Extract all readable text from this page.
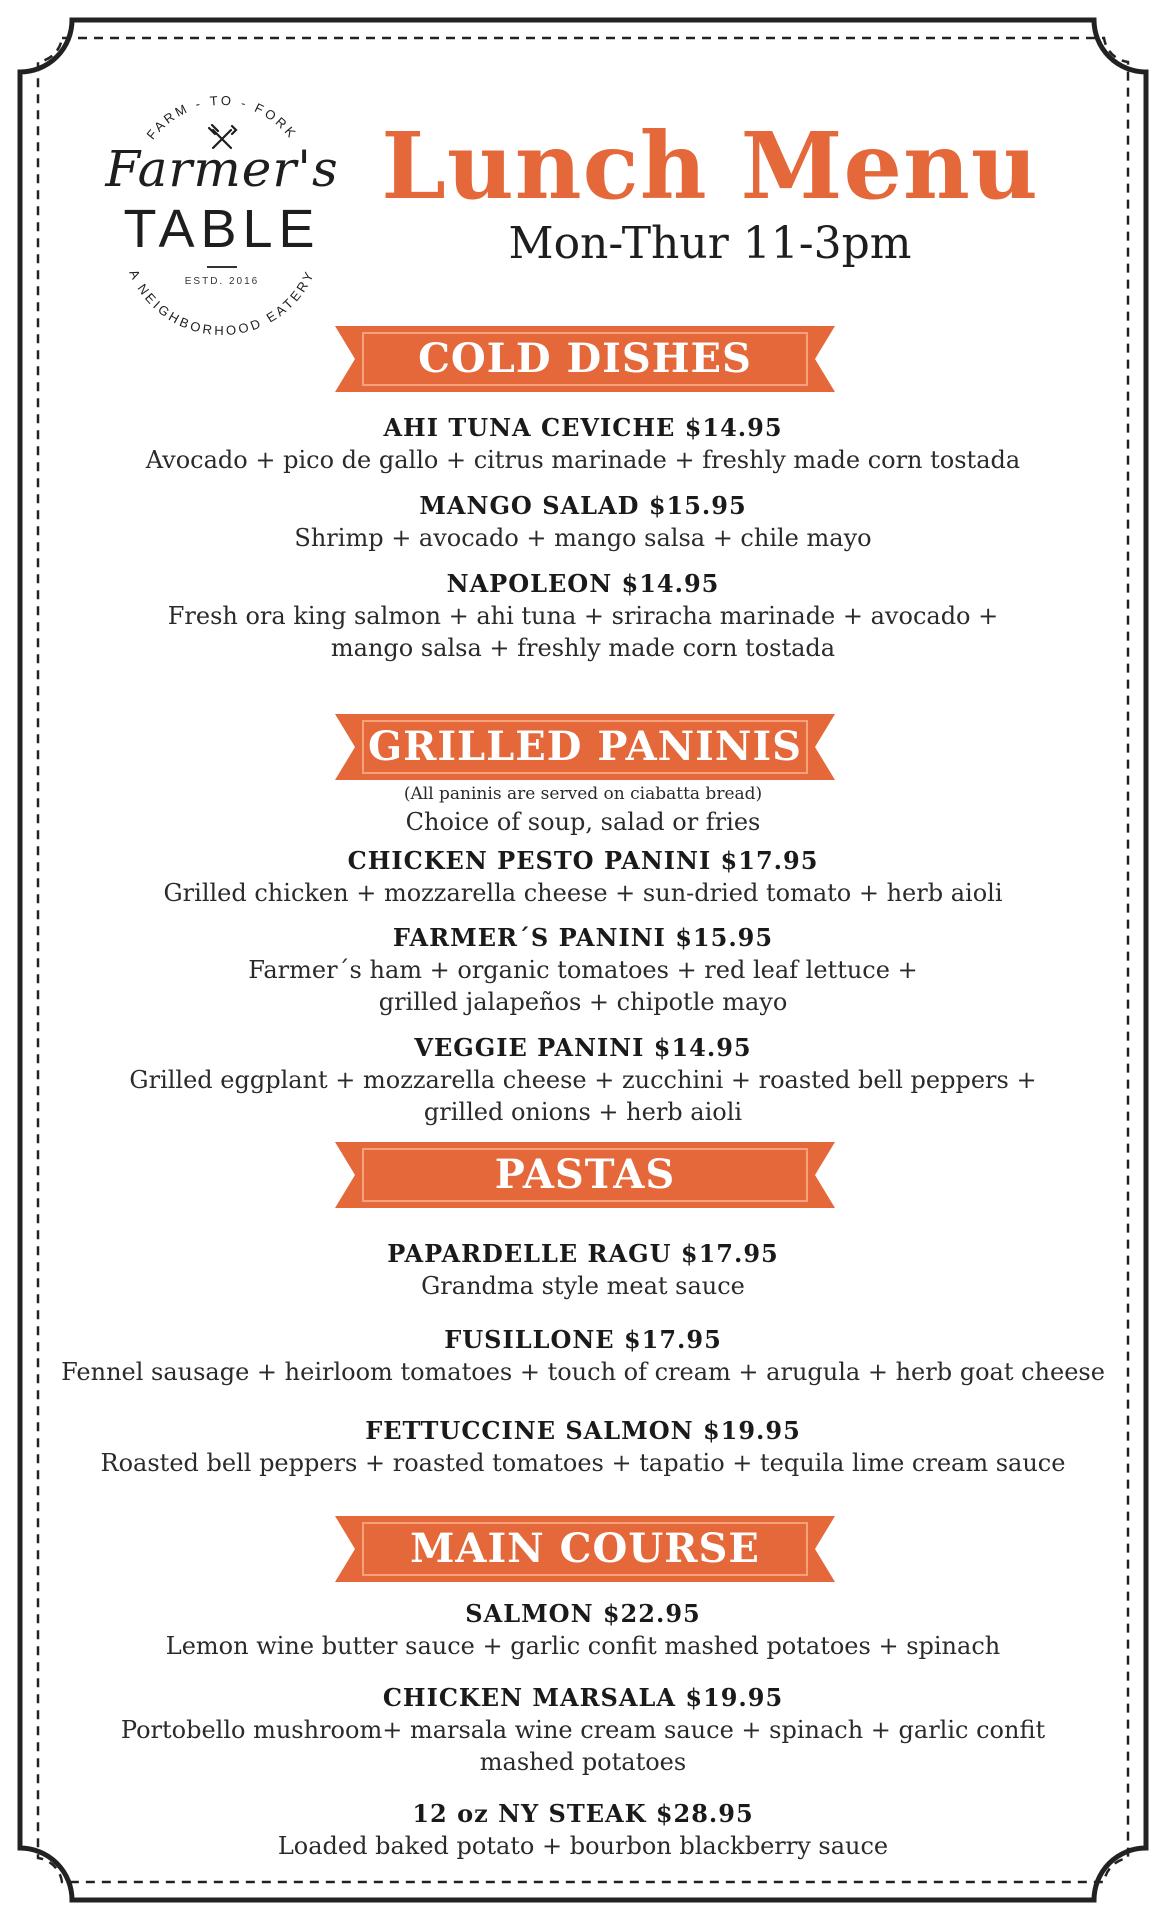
FARM - TO - FORK
A NEIGHBORHOOD EATERY
Farmer's
TABLE
ESTD. 2016
Lunch Menu
Mon-Thur 11-3pm
COLD DISHES
AHI TUNA CEVICHE $14.95
Avocado + pico de gallo + citrus marinade + freshly made corn tostada
MANGO SALAD $15.95
Shrimp + avocado + mango salsa + chile mayo
NAPOLEON $14.95
Fresh ora king salmon + ahi tuna + sriracha marinade + avocado +
mango salsa + freshly made corn tostada
GRILLED PANINIS
(All paninis are served on ciabatta bread)
Choice of soup, salad or fries
CHICKEN PESTO PANINI $17.95
Grilled chicken + mozzarella cheese + sun-dried tomato + herb aioli
FARMER´S PANINI $15.95
Farmer´s ham + organic tomatoes + red leaf lettuce +
grilled jalapeños + chipotle mayo
VEGGIE PANINI $14.95
Grilled eggplant + mozzarella cheese + zucchini + roasted bell peppers +
grilled onions + herb aioli
PASTAS
PAPARDELLE RAGU $17.95
Grandma style meat sauce
FUSILLONE $17.95
Fennel sausage + heirloom tomatoes + touch of cream + arugula + herb goat cheese
FETTUCCINE SALMON $19.95
Roasted bell peppers + roasted tomatoes + tapatio + tequila lime cream sauce
MAIN COURSE
SALMON $22.95
Lemon wine butter sauce + garlic confit mashed potatoes + spinach
CHICKEN MARSALA $19.95
Portobello mushroom+ marsala wine cream sauce + spinach + garlic confit
mashed potatoes
12 oz NY STEAK $28.95
Loaded baked potato + bourbon blackberry sauce
